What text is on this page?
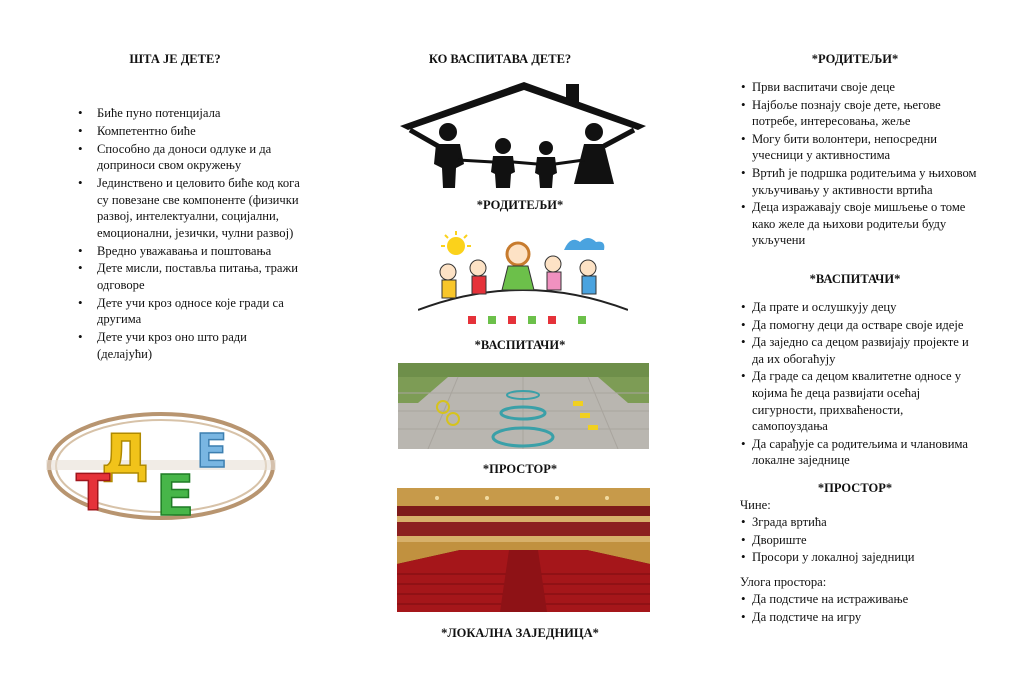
ШТА ЈЕ ДЕТЕ?
• Биће пуно потенцијала
• Компетентно биће
• Способно да доноси одлуке и да доприноси свом окружењу
• Јединствено и целовито биће код кога су повезане све компоненте (физички развој, интелектуални, социјални, емоционални, језички, чулни развој)
• Вредно уважавања и поштовања
• Дете мисли, поставља питања, тражи одговоре
• Дете учи кроз односе које гради са другима
• Дете учи кроз оно што ради (делајући)
Д Е
Т Е
КО ВАСПИТАВА ДЕТЕ?
*РОДИТЕЉИ*
*ВАСПИТАЧИ*
*ПРОСТОР*
*ЛОКАЛНА ЗАЈЕДНИЦА*
*РОДИТЕЉИ*
• Први васпитачи своје деце
• Најбоље познају своје дете, његове потребе, интересовања, жеље
• Могу бити волонтери, непосредни учесници у активностима
• Вртић је подршка родитељима у њиховом укључивању у активности вртића
• Деца изражавају своје мишљење о томе како желе да њихови родитељи буду укључени
*ВАСПИТАЧИ*
• Да прате и ослушкују децу
• Да помогну деци да остваре своје идеје
• Да заједно са децом развијају пројекте и да их обогаћују
• Да граде са децом квалитетне односе у којима ће деца развијати осећај сигурности, прихваћености, самопоуздања
• Да сарађује са родитељима и члановима локалне заједнице
*ПРОСТОР*
Чине:
• Зграда вртића
• Двориште
• Просори у локалној заједници
Улога простора:
• Да подстиче на истраживање
• Да подстиче на игру
